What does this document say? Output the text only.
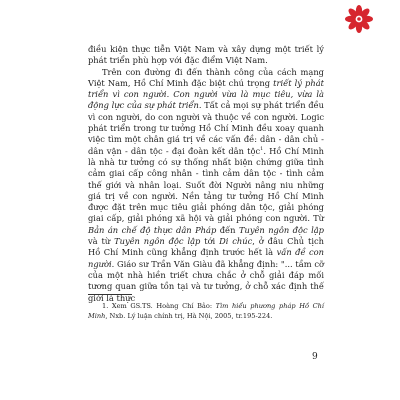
điều kiện thực tiễn Việt Nam và xây dựng một triết lý phát triển phù hợp với đặc điểm Việt Nam.

Trên con đường đi đến thành công của cách mạng Việt Nam, Hồ Chí Minh đặc biệt chú trọng triết lý phát triển vì con người. Con người vừa là mục tiêu, vừa là động lực của sự phát triển. Tất cả mọi sự phát triển đều vì con người, do con người và thuộc về con người. Logic phát triển trong tư tưởng Hồ Chí Minh đều xoay quanh việc tìm một chân giá trị về các vấn đề: dân - dân chủ - dân vận - dân tộc - đại đoàn kết dân tộc$^1$. Hồ Chí Minh là nhà tư tưởng có sự thống nhất biện chứng giữa tình cảm giai cấp công nhân - tình cảm dân tộc - tình cảm thế giới và nhân loại. Suốt đời Người nâng niu những giá trị về con người. Nền tảng tư tưởng Hồ Chí Minh được đặt trên mục tiêu giải phóng dân tộc, giải phóng giai cấp, giải phóng xã hội và giải phóng con người. Từ Bản án chế độ thực dân Pháp đến Tuyên ngôn độc lập và từ Tuyên ngôn độc lập tới Di chúc, ở đâu Chủ tịch Hồ Chí Minh cũng khẳng định trước hết là vấn đề con người. Giáo sư Trần Văn Giàu đã khẳng định: "... tầm cỡ của một nhà hiền triết chưa chắc ở chỗ giải đáp mối tương quan giữa tồn tại và tư tưởng, ở chỗ xác định thế giới là thực

1. Xem GS.TS. Hoàng Chí Bảo: Tìm hiểu phương pháp Hồ Chí Minh, Nxb. Lý luận chính trị, Hà Nội, 2005, tr.195-224.
9
